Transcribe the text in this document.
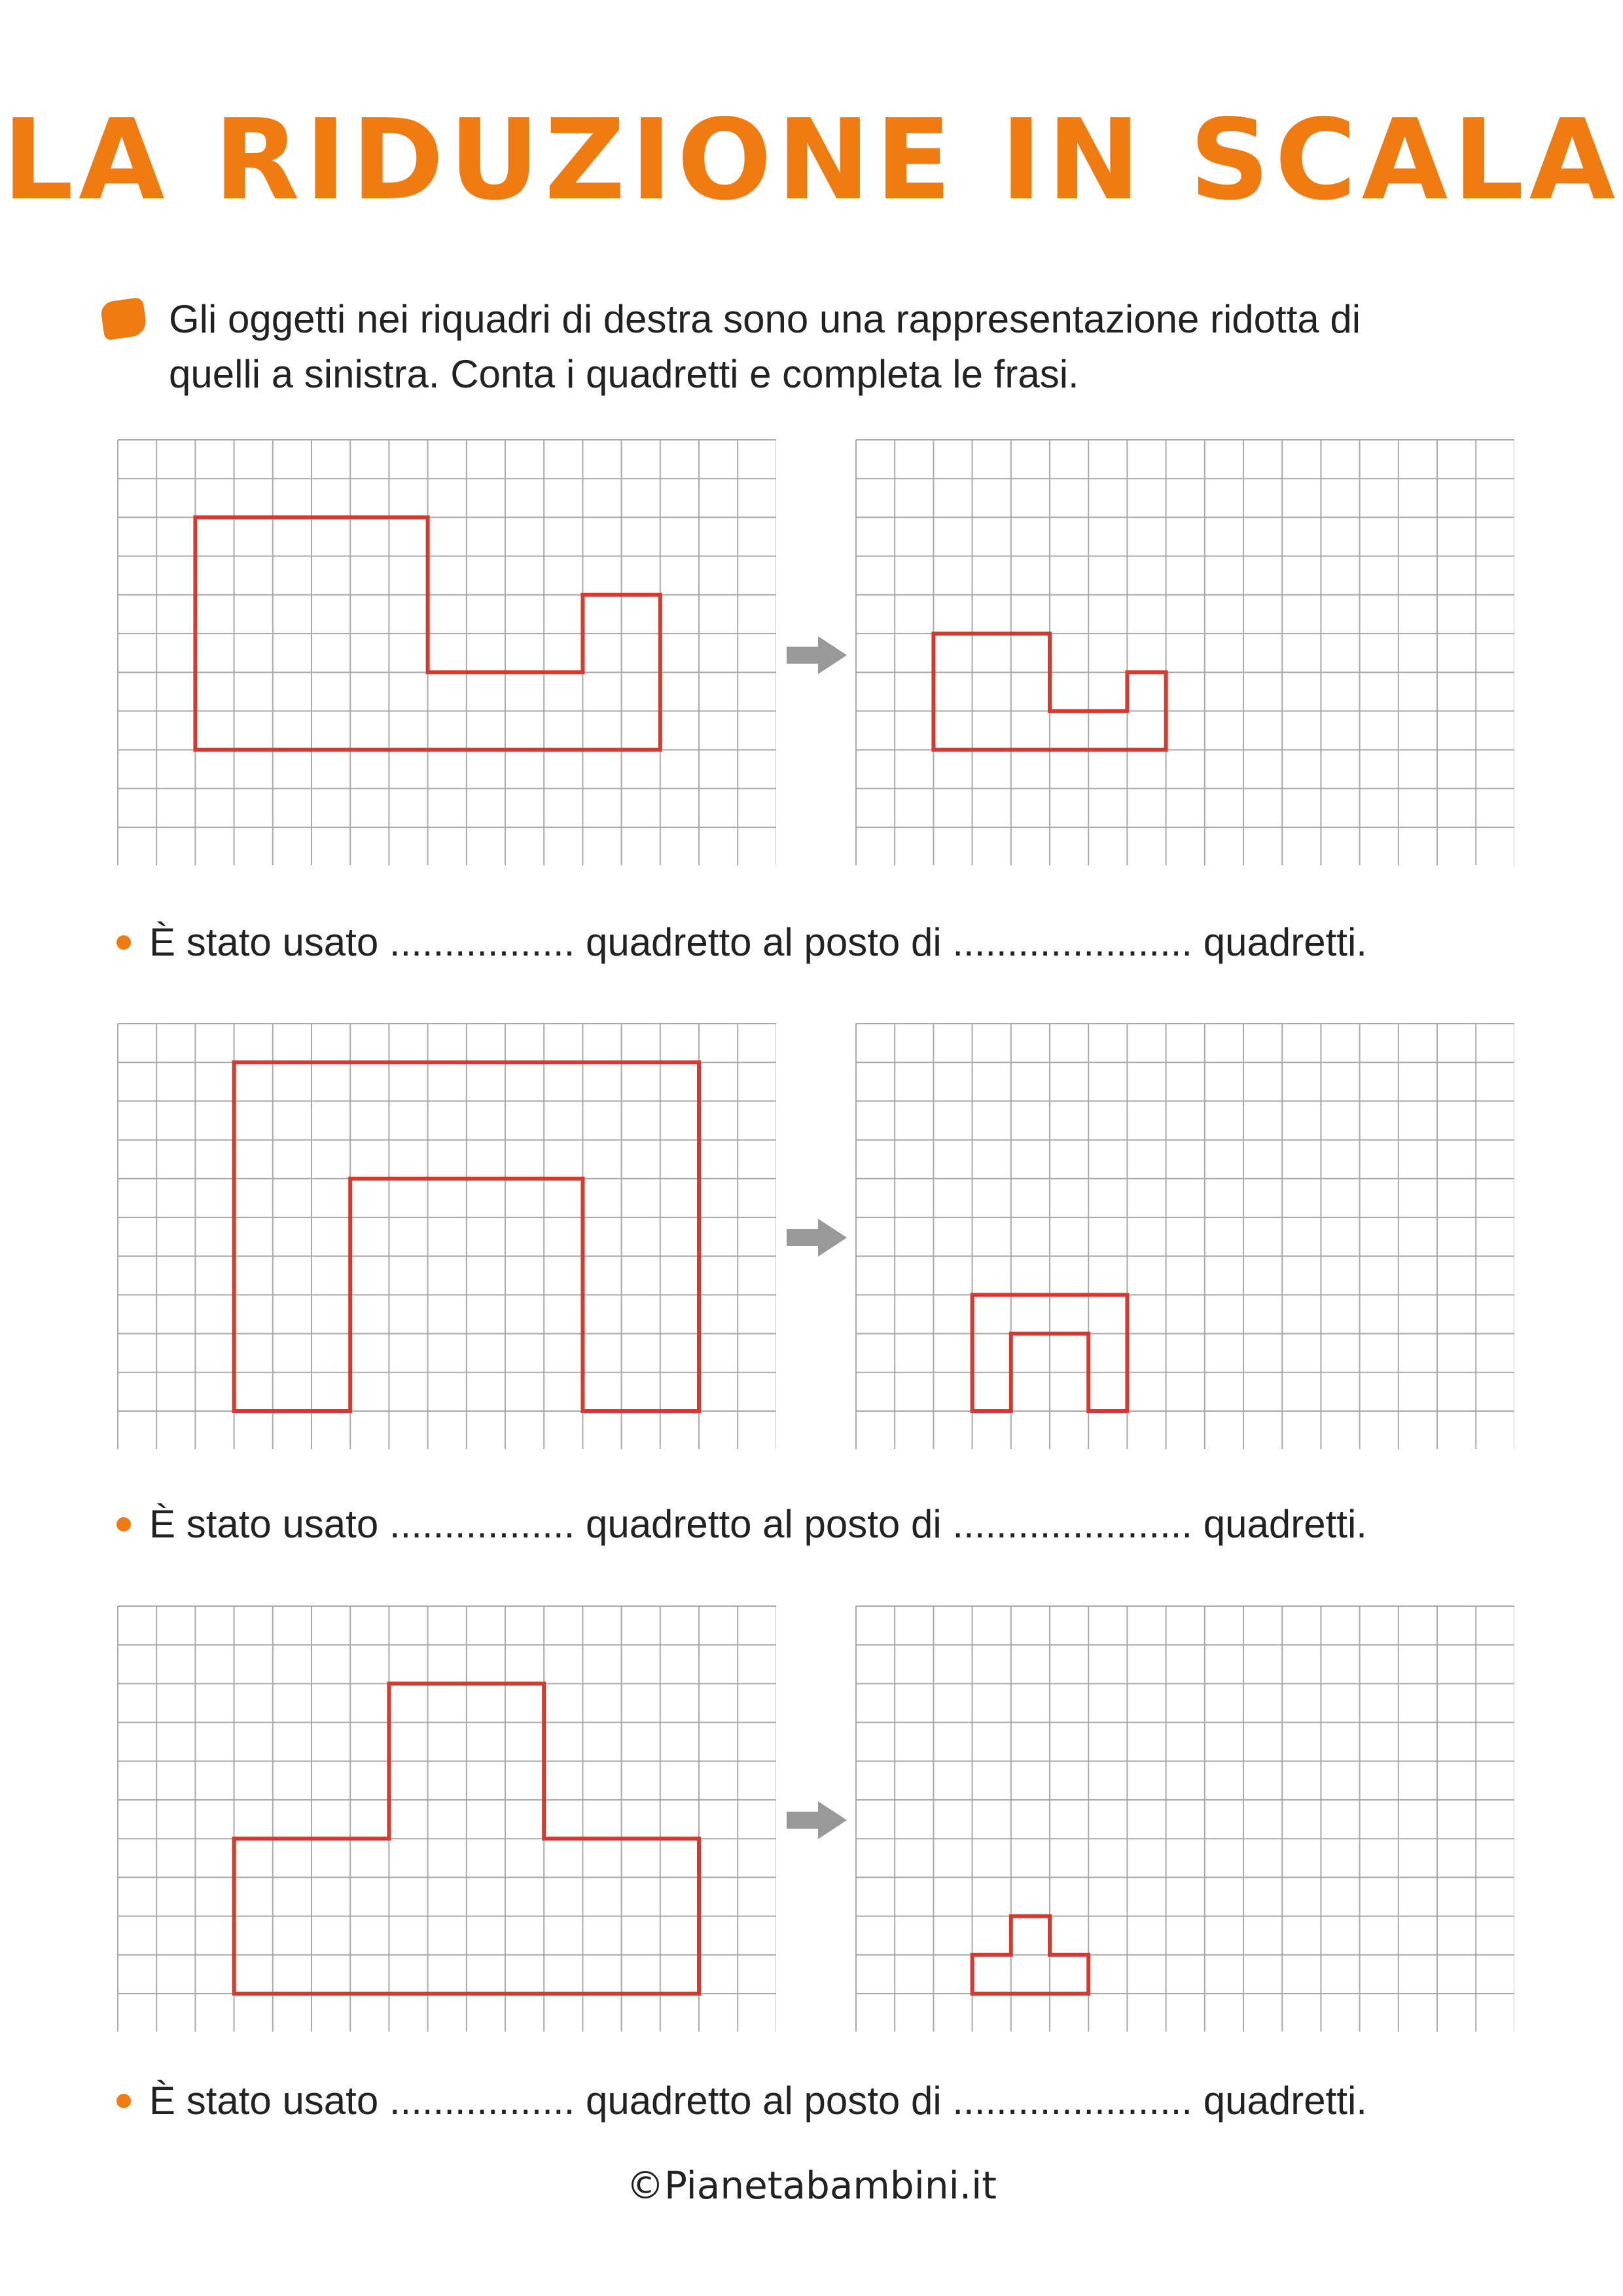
LA RIDUZIONE IN SCALA
Gli oggetti nei riquadri di destra sono una rappresentazione ridotta di
quelli a sinistra. Conta i quadretti e completa le frasi.
È stato usato ................. quadretto al posto di ...................... quadretti.
È stato usato ................. quadretto al posto di ...................... quadretti.
È stato usato ................. quadretto al posto di ...................... quadretti.
©Pianetabambini.it
